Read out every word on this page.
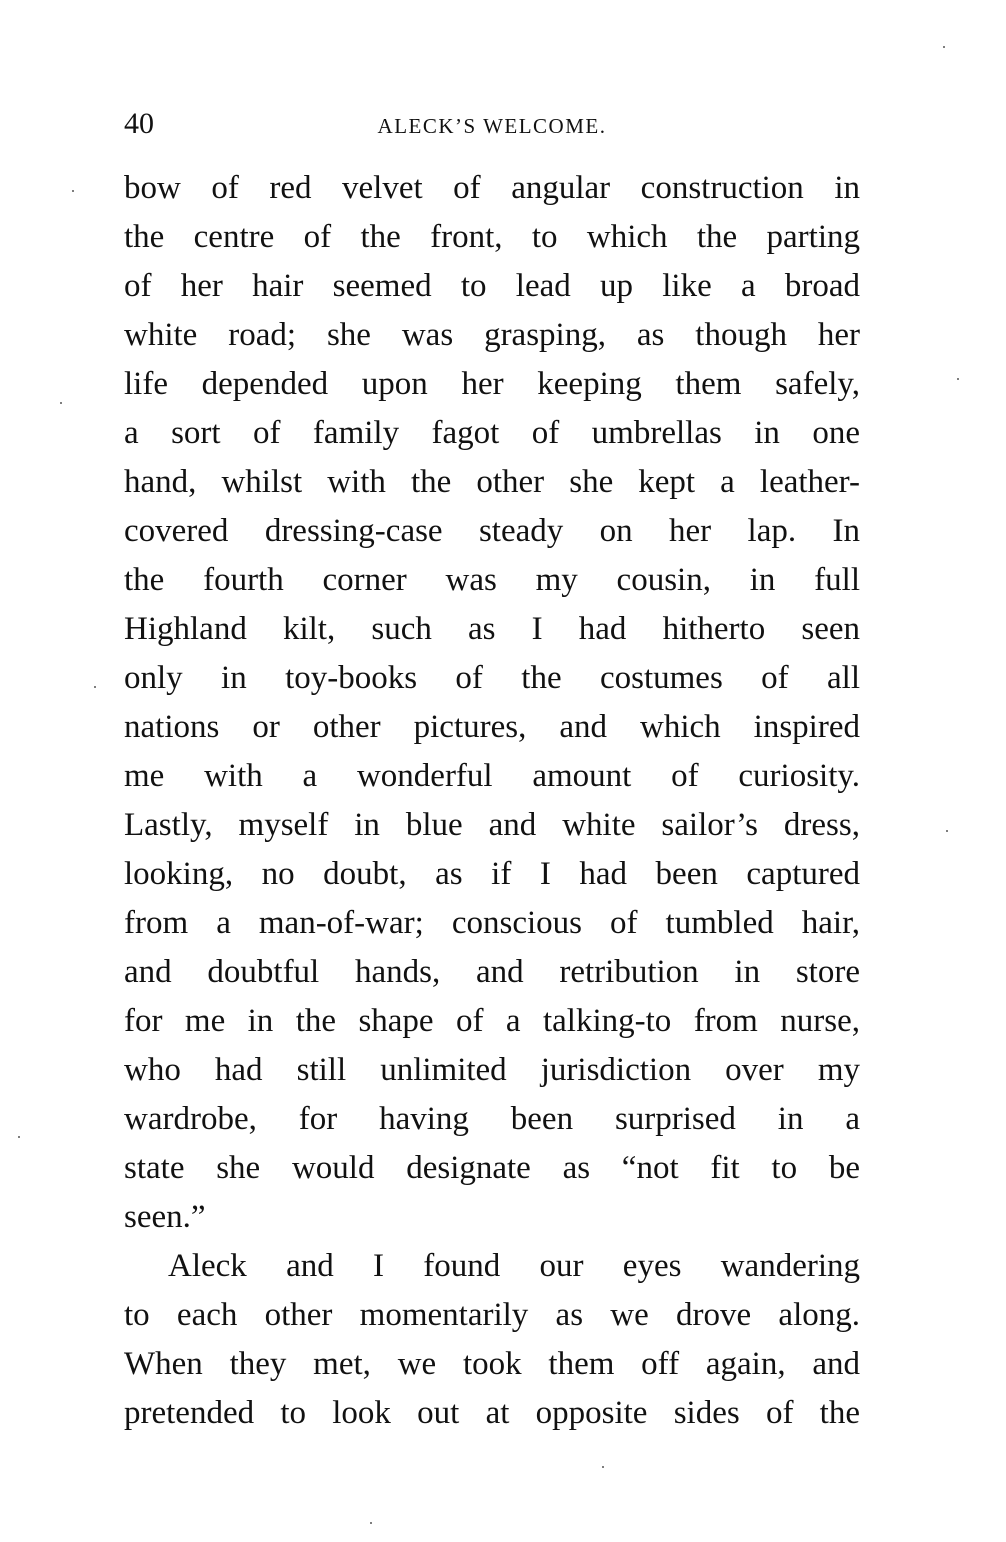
40	ALECK’S WELCOME.
bow of red velvet of angular construction in
the centre of the front, to which the parting
of her hair seemed to lead up like a broad
white road; she was grasping, as though her
life depended upon her keeping them safely,
a sort of family fagot of umbrellas in one
hand, whilst with the other she kept a leather-
covered dressing-case steady on her lap. In
the fourth corner was my cousin, in full
Highland kilt, such as I had hitherto seen
only in toy-books of the costumes of all
nations or other pictures, and which inspired
me with a wonderful amount of curiosity.
Lastly, myself in blue and white sailor’s dress,
looking, no doubt, as if I had been captured
from a man-of-war; conscious of tumbled hair,
and doubtful hands, and retribution in store
for me in the shape of a talking-to from nurse,
who had still unlimited jurisdiction over my
wardrobe, for having been surprised in a
state she would designate as “not fit to be
seen.”
Aleck and I found our eyes wandering
to each other momentarily as we drove along.
When they met, we took them off again, and
pretended to look out at opposite sides of the
